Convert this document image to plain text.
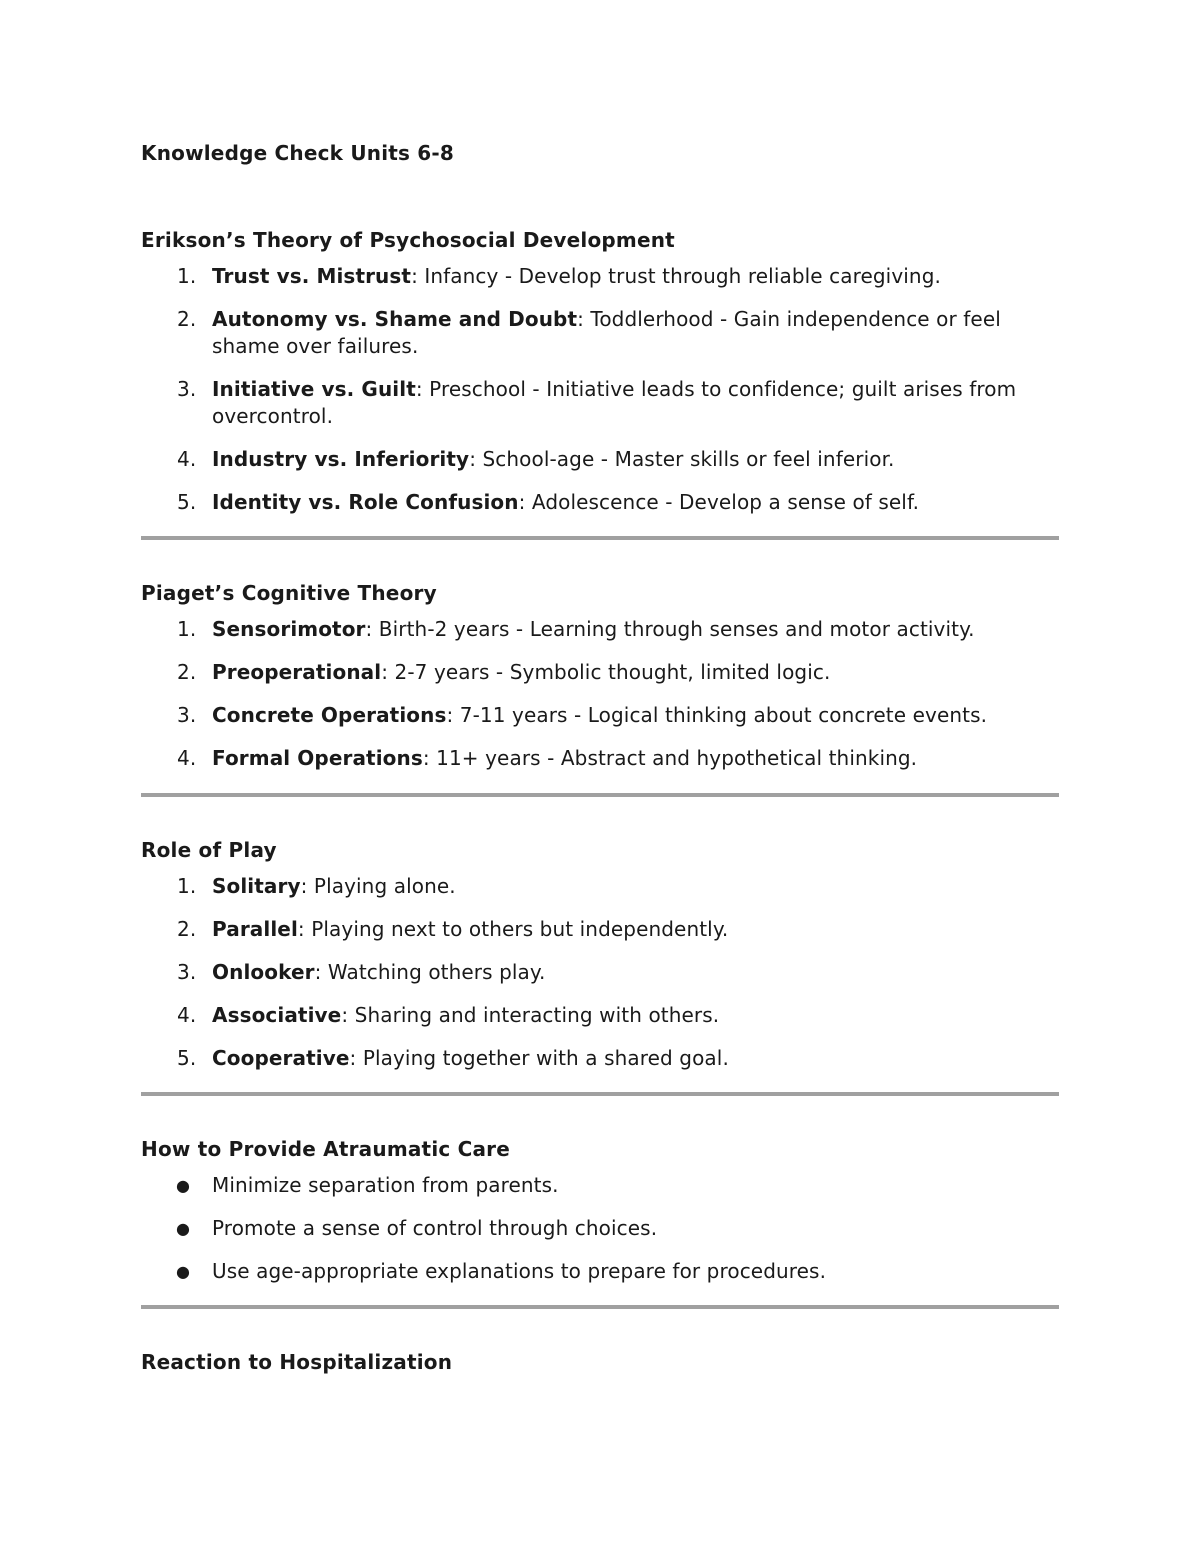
Knowledge Check Units 6-8
Erikson’s Theory of Psychosocial Development
1. Trust vs. Mistrust: Infancy - Develop trust through reliable caregiving.
2. Autonomy vs. Shame and Doubt: Toddlerhood - Gain independence or feel shame over failures.
3. Initiative vs. Guilt: Preschool - Initiative leads to confidence; guilt arises from overcontrol.
4. Industry vs. Inferiority: School-age - Master skills or feel inferior.
5. Identity vs. Role Confusion: Adolescence - Develop a sense of self.
Piaget’s Cognitive Theory
1. Sensorimotor: Birth-2 years - Learning through senses and motor activity.
2. Preoperational: 2-7 years - Symbolic thought, limited logic.
3. Concrete Operations: 7-11 years - Logical thinking about concrete events.
4. Formal Operations: 11+ years - Abstract and hypothetical thinking.
Role of Play
1. Solitary: Playing alone.
2. Parallel: Playing next to others but independently.
3. Onlooker: Watching others play.
4. Associative: Sharing and interacting with others.
5. Cooperative: Playing together with a shared goal.
How to Provide Atraumatic Care
● Minimize separation from parents.
● Promote a sense of control through choices.
● Use age-appropriate explanations to prepare for procedures.
Reaction to Hospitalization
